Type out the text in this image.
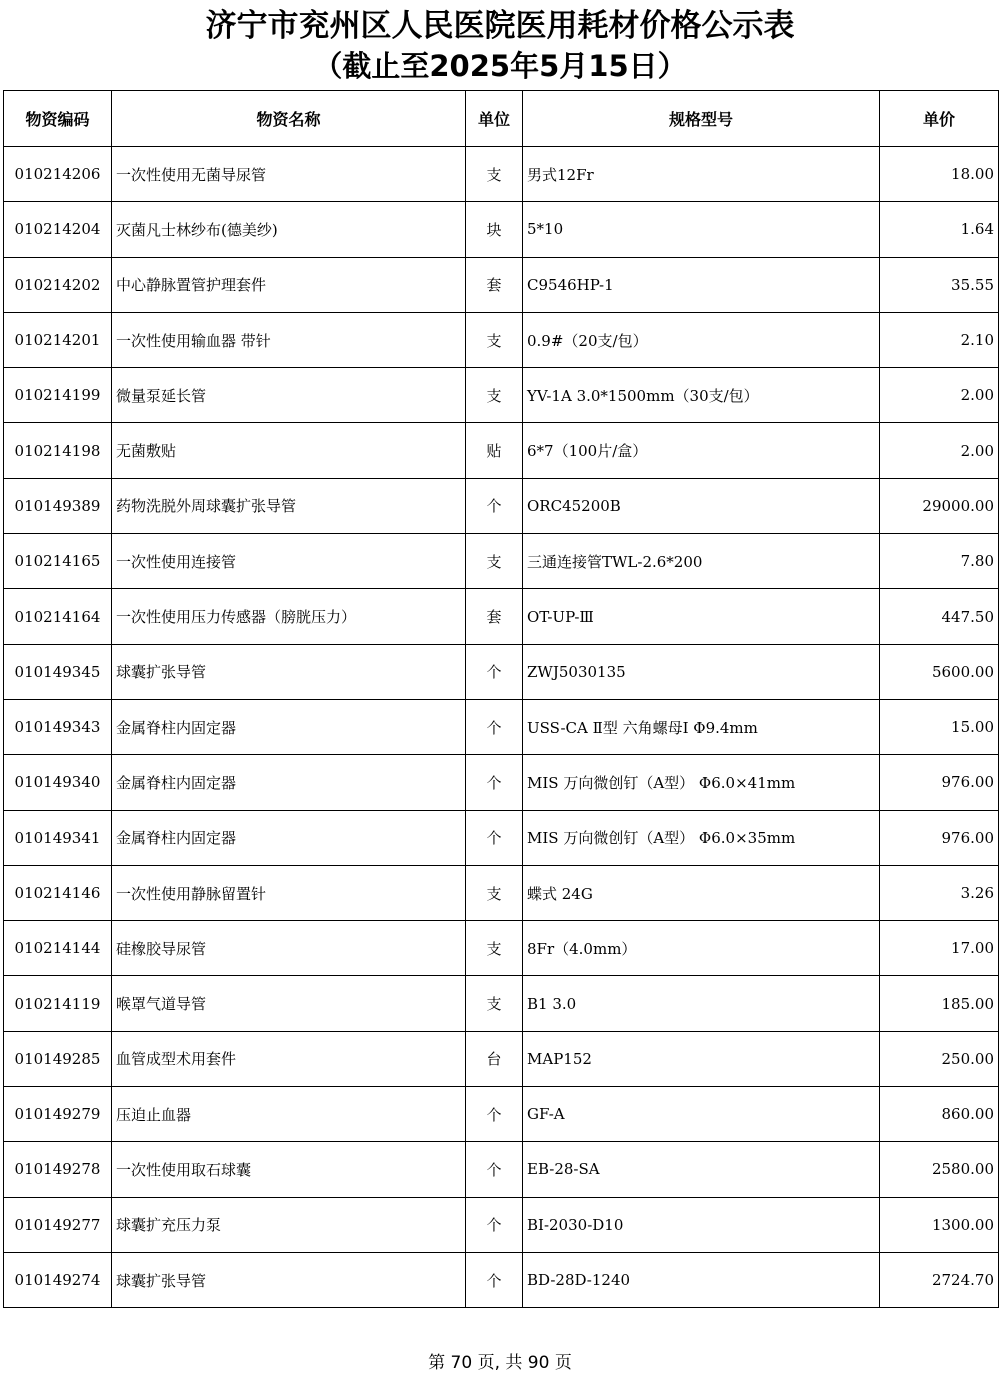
济宁市兖州区人民医院医用耗材价格公示表
（截止至2025年5月15日）
物资编码	物资名称	单位	规格型号	单价
010214206	一次性使用无菌导尿管	支	男式12Fr	18.00
010214204	灭菌凡士林纱布(德美纱)	块	5*10	1.64
010214202	中心静脉置管护理套件	套	C9546HP-1	35.55
010214201	一次性使用输血器 带针	支	0.9#（20支/包）	2.10
010214199	微量泵延长管	支	YV-1A 3.0*1500mm（30支/包）	2.00
010214198	无菌敷贴	贴	6*7（100片/盒）	2.00
010149389	药物洗脱外周球囊扩张导管	个	ORC45200B	29000.00
010214165	一次性使用连接管	支	三通连接管TWL-2.6*200	7.80
010214164	一次性使用压力传感器（膀胱压力）	套	OT-UP-Ⅲ	447.50
010149345	球囊扩张导管	个	ZWJ5030135	5600.00
010149343	金属脊柱内固定器	个	USS-CA Ⅱ型 六角螺母Ⅰ Φ9.4mm	15.00
010149340	金属脊柱内固定器	个	MIS 万向微创钉（A型） Φ6.0×41mm	976.00
010149341	金属脊柱内固定器	个	MIS 万向微创钉（A型） Φ6.0×35mm	976.00
010214146	一次性使用静脉留置针	支	蝶式 24G	3.26
010214144	硅橡胶导尿管	支	8Fr（4.0mm）	17.00
010214119	喉罩气道导管	支	B1 3.0	185.00
010149285	血管成型术用套件	台	MAP152	250.00
010149279	压迫止血器	个	GF-A	860.00
010149278	一次性使用取石球囊	个	EB-28-SA	2580.00
010149277	球囊扩充压力泵	个	BI-2030-D10	1300.00
010149274	球囊扩张导管	个	BD-28D-1240	2724.70
第 70 页, 共 90 页
